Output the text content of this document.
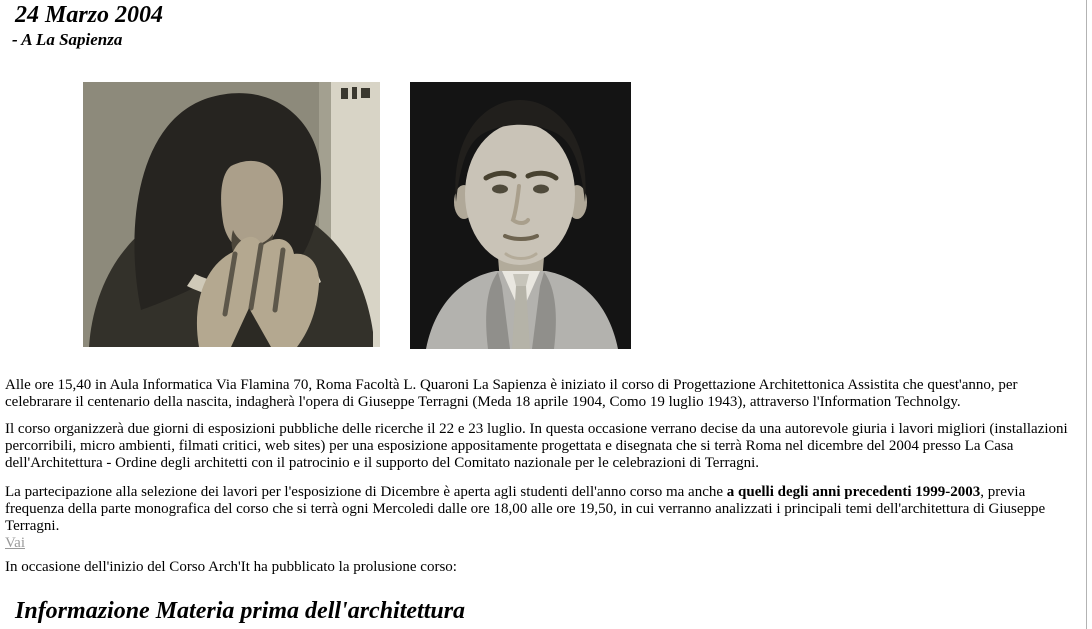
24 Marzo 2004
- A La Sapienza

Alle ore 15,40 in Aula Informatica Via Flamina 70, Roma Facoltà L. Quaroni La Sapienza è iniziato il corso di Progettazione Architettonica Assistita che quest'anno, per celebrarare il centenario della nascita, indagherà l'opera di Giuseppe Terragni (Meda 18 aprile 1904, Como 19 luglio 1943), attraverso l'Information Technolgy.

Il corso organizzerà due giorni di esposizioni pubbliche delle ricerche il 22 e 23 luglio. In questa occasione verrano decise da una autorevole giuria i lavori migliori (installazioni percorribili, micro ambienti, filmati critici, web sites) per una esposizione appositamente progettata e disegnata che si terrà Roma nel dicembre del 2004 presso La Casa dell'Architettura - Ordine degli architetti con il patrocinio e il supporto del Comitato nazionale per le celebrazioni di Terragni.

La partecipazione alla selezione dei lavori per l'esposizione di Dicembre è aperta agli studenti dell'anno corso ma anche a quelli degli anni precedenti 1999-2003, previa frequenza della parte monografica del corso che si terrà ogni Mercoledi dalle ore 18,00 alle ore 19,50, in cui verranno analizzati i principali temi dell'architettura di Giuseppe Terragni.
Vai

In occasione dell'inizio del Corso Arch'It ha pubblicato la prolusione corso:

Informazione Materia prima dell'architettura
